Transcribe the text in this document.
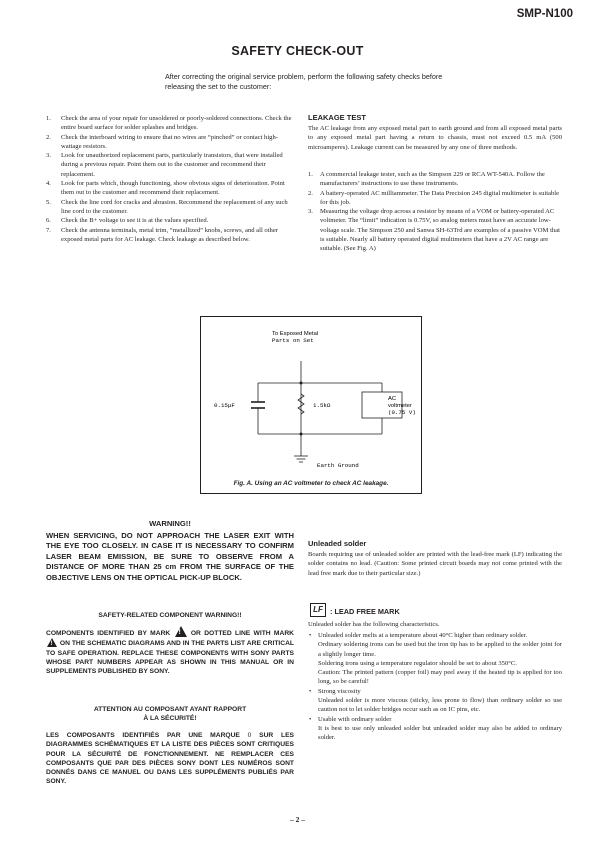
SMP-N100
SAFETY CHECK-OUT
After correcting the original service problem, perform the following safety checks before releasing the set to the customer:
1. Check the area of your repair for unsoldered or poorly-soldered connections. Check the entire board surface for solder splashes and bridges.
2. Check the interboard wiring to ensure that no wires are “pinched” or contact high-wattage resistors.
3. Look for unauthorized replacement parts, particularly transistors, that were installed during a previous repair. Point them out to the customer and recommend their replacement.
4. Look for parts which, though functioning, show obvious signs of deterioration. Point them out to the customer and recommend their replacement.
5. Check the line cord for cracks and abrasion. Recommend the replacement of any such line cord to the customer.
6. Check the B+ voltage to see it is at the values specified.
7. Check the antenna terminals, metal trim, “metallized” knobs, screws, and all other exposed metal parts for AC leakage. Check leakage as described below.
LEAKAGE TEST
The AC leakage from any exposed metal part to earth ground and from all exposed metal parts to any exposed metal part having a return to chassis, must not exceed 0.5 mA (500 microamperes). Leakage current can be measured by any one of three methods.
1. A commercial leakage tester, such as the Simpson 229 or RCA WT-540A. Follow the manufacturers’ instructions to use these instruments.
2. A battery-operated AC milliammeter. The Data Precision 245 digital multimeter is suitable for this job.
3. Measuring the voltage drop across a resistor by means of a VOM or battery-operated AC voltmeter. The “limit” indication is 0.75V, so analog meters must have an accurate low-voltage scale. The Simpson 250 and Sanwa SH-63Trd are examples of a passive VOM that is suitable. Nearly all battery operated digital multimeters that have a 2V AC range are suitable. (See Fig. A)
To Exposed Metal
Parts on Set
0.15μF	1.5kΩ
AC
voltmeter
(0.75 V)
Earth Ground
Fig. A. Using an AC voltmeter to check AC leakage.
WARNING!!
WHEN SERVICING, DO NOT APPROACH THE LASER EXIT WITH THE EYE TOO CLOSELY. IN CASE IT IS NECESSARY TO CONFIRM LASER BEAM EMISSION, BE SURE TO OBSERVE FROM A DISTANCE OF MORE THAN 25 cm FROM THE SURFACE OF THE OBJECTIVE LENS ON THE OPTICAL PICK-UP BLOCK.
SAFETY-RELATED COMPONENT WARNING!!
COMPONENTS IDENTIFIED BY MARK !	OR DOTTED LINE WITH MARK ! ON THE SCHEMATIC DIAGRAMS AND IN THE PARTS LIST ARE CRITICAL TO SAFE OPERATION. REPLACE THESE COMPONENTS WITH SONY PARTS WHOSE PART NUMBERS APPEAR AS SHOWN IN THIS MANUAL OR IN SUPPLEMENTS PUBLISHED BY SONY.
ATTENTION AU COMPOSANT AYANT RAPPORT
À LA SÉCURITÉ!
LES COMPOSANTS IDENTIFIÉS PAR UNE MARQUE 0 SUR LES DIAGRAMMES SCHÉMATIQUES ET LA LISTE DES PIÈCES SONT CRITIQUES POUR LA SÉCURITÉ DE FONCTIONNEMENT. NE REMPLACER CES COMPOSANTS QUE PAR DES PIÈCES SONY DONT LES NUMÉROS SONT DONNÉS DANS CE MANUEL OU DANS LES SUPPLÉMENTS PUBLIÉS PAR SONY.
Unleaded solder
Boards requiring use of unleaded solder are printed with the lead-free mark (LF) indicating the solder contains no lead. (Caution: Some printed circuit boards may not come printed with the lead free mark due to their particular size.)
LF : LEAD FREE MARK
Unleaded solder has the following characteristics.
• Unleaded solder melts at a temperature about 40°C higher than ordinary solder.

Ordinary soldering irons can be used but the iron tip has to be applied to the solder joint for a slightly longer time.

Soldering irons using a temperature regulator should be set to about 350°C.

Caution: The printed pattern (copper foil) may peel away if the heated tip is applied for too long, so be careful!

• Strong viscosity

Unleaded solder is more viscous (sticky, less prone to flow) than ordinary solder so use caution not to let solder bridges occur such as on IC pins, etc.

• Usable with ordinary solder

It is best to use only unleaded solder but unleaded solder may also be added to ordinary solder.

– 2 –
